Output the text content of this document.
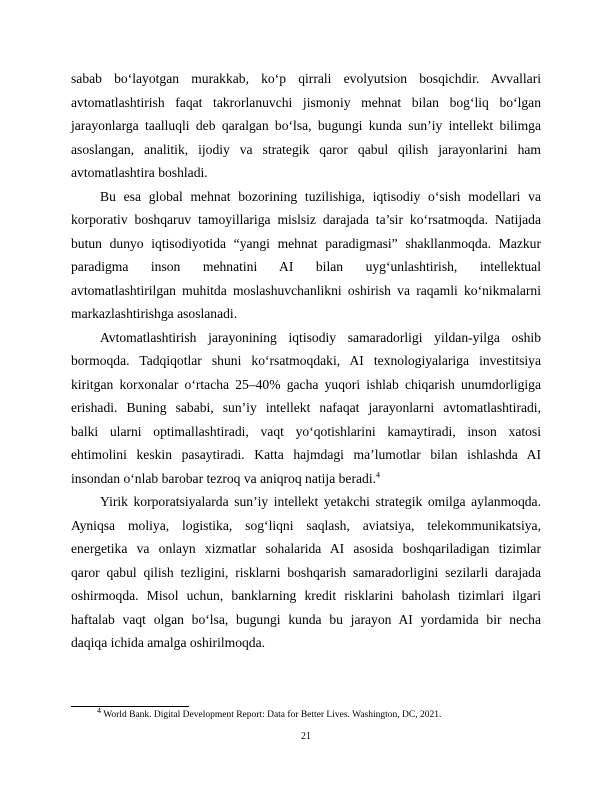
sabab bo‘layotgan murakkab, ko‘p qirrali evolyutsion bosqichdir. Avvallari
avtomatlashtirish faqat takrorlanuvchi jismoniy mehnat bilan bog‘liq bo‘lgan
jarayonlarga taalluqli deb qaralgan bo‘lsa, bugungi kunda sun’iy intellekt bilimga
asoslangan, analitik, ijodiy va strategik qaror qabul qilish jarayonlarini ham
avtomatlashtira boshladi.
Bu esa global mehnat bozorining tuzilishiga, iqtisodiy o‘sish modellari va
korporativ boshqaruv tamoyillariga mislsiz darajada ta’sir ko‘rsatmoqda. Natijada
butun dunyo iqtisodiyotida “yangi mehnat paradigmasi” shakllanmoqda. Mazkur
paradigma inson mehnatini AI bilan uyg‘unlashtirish, intellektual
avtomatlashtirilgan muhitda moslashuvchanlikni oshirish va raqamli ko‘nikmalarni
markazlashtirishga asoslanadi.
Avtomatlashtirish jarayonining iqtisodiy samaradorligi yildan-yilga oshib
bormoqda. Tadqiqotlar shuni ko‘rsatmoqdaki, AI texnologiyalariga investitsiya
kiritgan korxonalar o‘rtacha 25–40% gacha yuqori ishlab chiqarish unumdorligiga
erishadi. Buning sababi, sun’iy intellekt nafaqat jarayonlarni avtomatlashtiradi,
balki ularni optimallashtiradi, vaqt yo‘qotishlarini kamaytiradi, inson xatosi
ehtimolini keskin pasaytiradi. Katta hajmdagi ma’lumotlar bilan ishlashda AI
insondan o‘nlab barobar tezroq va aniqroq natija beradi.$^4$
Yirik korporatsiyalarda sun’iy intellekt yetakchi strategik omilga aylanmoqda.
Ayniqsa moliya, logistika, sog‘liqni saqlash, aviatsiya, telekommunikatsiya,
energetika va onlayn xizmatlar sohalarida AI asosida boshqariladigan tizimlar
qaror qabul qilish tezligini, risklarni boshqarish samaradorligini sezilarli darajada
oshirmoqda. Misol uchun, banklarning kredit risklarini baholash tizimlari ilgari
haftalab vaqt olgan bo‘lsa, bugungi kunda bu jarayon AI yordamida bir necha
daqiqa ichida amalga oshirilmoqda.
$^4$ World Bank. Digital Development Report: Data for Better Lives. Washington, DC, 2021.
21
